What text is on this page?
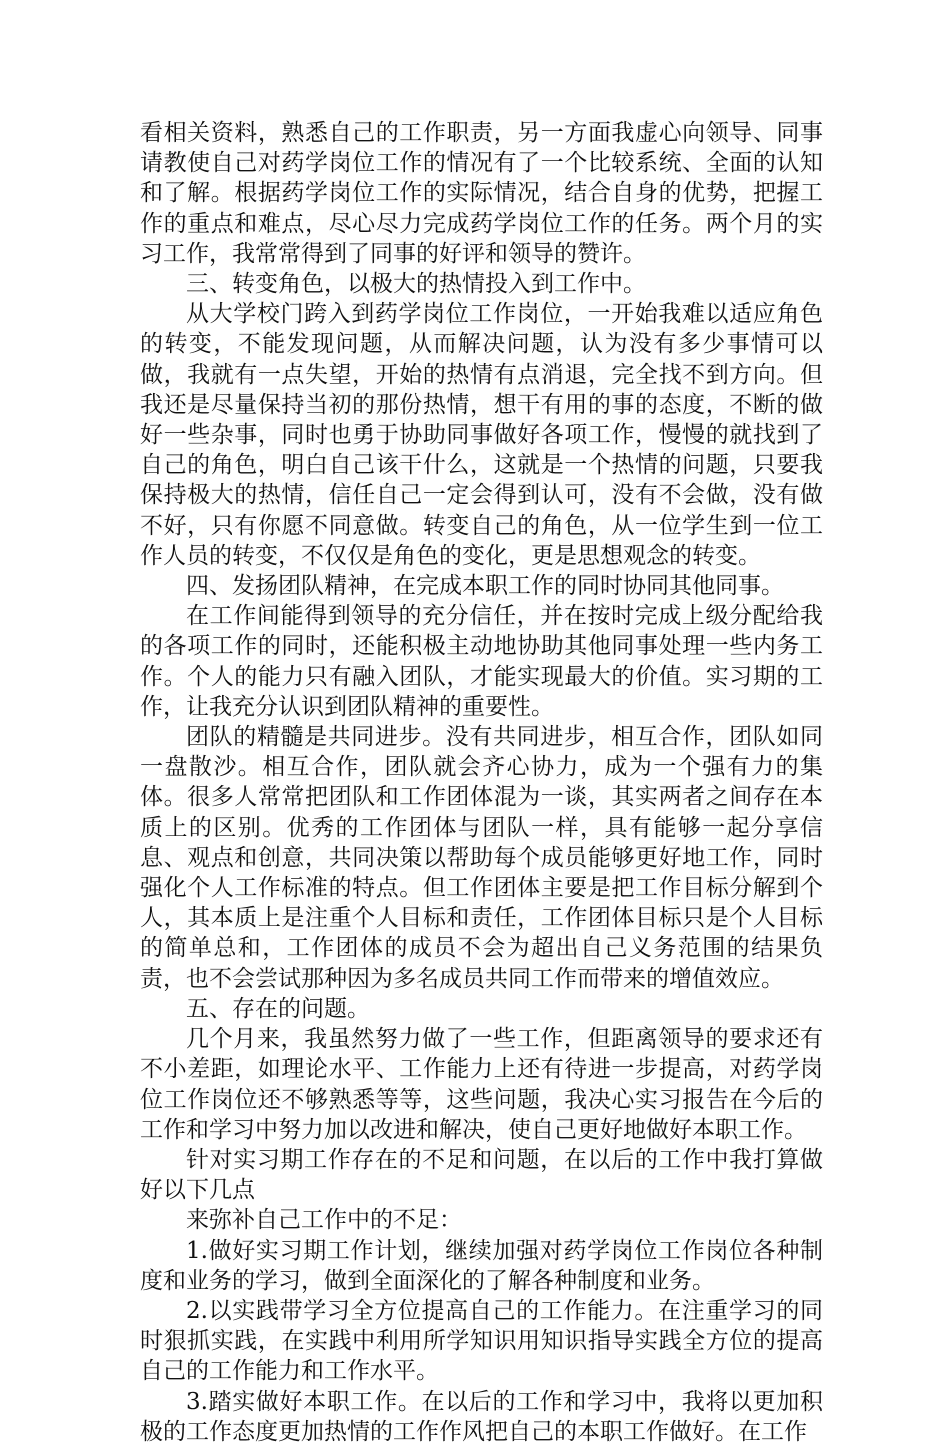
看相关资料，熟悉自己的工作职责，另一方面我虚心向领导、同事请教使自己对药学岗位工作的情况有了一个比较系统、全面的认知和了解。根据药学岗位工作的实际情况，结合自身的优势，把握工作的重点和难点，尽心尽力完成药学岗位工作的任务。两个月的实习工作，我常常得到了同事的好评和领导的赞许。

三、转变角色，以极大的热情投入到工作中。

从大学校门跨入到药学岗位工作岗位，一开始我难以适应角色的转变，不能发现问题，从而解决问题，认为没有多少事情可以做，我就有一点失望，开始的热情有点消退，完全找不到方向。但我还是尽量保持当初的那份热情，想干有用的事的态度，不断的做好一些杂事，同时也勇于协助同事做好各项工作，慢慢的就找到了自己的角色，明白自己该干什么，这就是一个热情的问题，只要我保持极大的热情，信任自己一定会得到认可，没有不会做，没有做不好，只有你愿不同意做。转变自己的角色，从一位学生到一位工作人员的转变，不仅仅是角色的变化，更是思想观念的转变。

四、发扬团队精神，在完成本职工作的同时协同其他同事。

在工作间能得到领导的充分信任，并在按时完成上级分配给我的各项工作的同时，还能积极主动地协助其他同事处理一些内务工作。个人的能力只有融入团队，才能实现最大的价值。实习期的工作，让我充分认识到团队精神的重要性。

团队的精髓是共同进步。没有共同进步，相互合作，团队如同一盘散沙。相互合作，团队就会齐心协力，成为一个强有力的集体。很多人常常把团队和工作团体混为一谈，其实两者之间存在本质上的区别。优秀的工作团体与团队一样，具有能够一起分享信息、观点和创意，共同决策以帮助每个成员能够更好地工作，同时强化个人工作标准的特点。但工作团体主要是把工作目标分解到个人，其本质上是注重个人目标和责任，工作团体目标只是个人目标的简单总和，工作团体的成员不会为超出自己义务范围的结果负责，也不会尝试那种因为多名成员共同工作而带来的增值效应。

五、存在的问题。

几个月来，我虽然努力做了一些工作，但距离领导的要求还有不小差距，如理论水平、工作能力上还有待进一步提高，对药学岗位工作岗位还不够熟悉等等，这些问题，我决心实习报告在今后的工作和学习中努力加以改进和解决，使自己更好地做好本职工作。

针对实习期工作存在的不足和问题，在以后的工作中我打算做好以下几点

来弥补自己工作中的不足：

1.做好实习期工作计划，继续加强对药学岗位工作岗位各种制度和业务的学习，做到全面深化的了解各种制度和业务。

2.以实践带学习全方位提高自己的工作能力。在注重学习的同时狠抓实践，在实践中利用所学知识用知识指导实践全方位的提高自己的工作能力和工作水平。

3.踏实做好本职工作。在以后的工作和学习中，我将以更加积极的工作态度更加热情的工作作风把自己的本职工作做好。在工作
